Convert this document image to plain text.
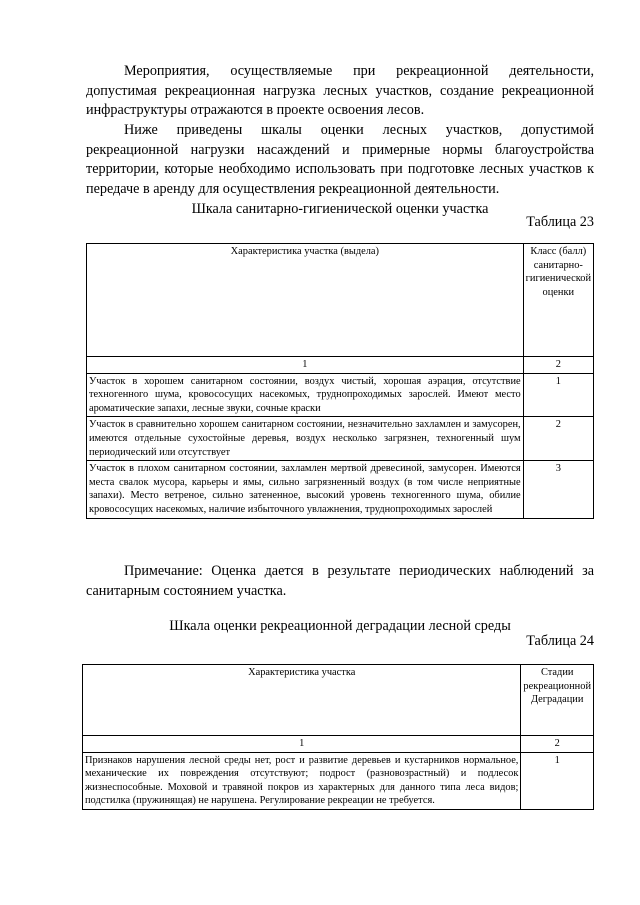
Мероприятия, осуществляемые при рекреационной деятельности, допустимая рекреационная нагрузка лесных участков, создание рекреационной инфраструктуры отражаются в проекте освоения лесов.

Ниже приведены шкалы оценки лесных участков, допустимой рекреационной нагрузки насаждений и примерные нормы благоустройства территории, которые необходимо использовать при подготовке лесных участков к передаче в аренду для осуществления рекреационной деятельности.

Шкала санитарно-гигиенической оценки участка

Таблица 23

Характеристика участка (выдела)	Класс (балл) санитарно-гигиенической оценки
1	2
Участок в хорошем санитарном состоянии, воздух чистый, хорошая аэрация, отсутствие техногенного шума, кровососущих насекомых, труднопроходимых зарослей. Имеют место ароматические запахи, лесные звуки, сочные краски	1
Участок в сравнительно хорошем санитарном состоянии, незначительно захламлен и замусорен, имеются отдельные сухостойные деревья, воздух несколько загрязнен, техногенный шум периодический или отсутствует	2
Участок в плохом санитарном состоянии, захламлен мертвой древесиной, замусорен. Имеются места свалок мусора, карьеры и ямы, сильно загрязненный воздух (в том числе неприятные запахи). Место ветреное, сильно затененное, высокий уровень техногенного шума, обилие кровососущих насекомых, наличие избыточного увлажнения, труднопроходимых зарослей	3

Примечание: Оценка дается в результате периодических наблюдений за санитарным состоянием участка.

Шкала оценки рекреационной деградации лесной среды

Таблица 24

Характеристика участка	Стадии рекреационной Деградации
1	2
Признаков нарушения лесной среды нет, рост и развитие деревьев и кустарников нормальное, механические их повреждения отсутствуют; подрост (разновозрастный) и подлесок жизнеспособные. Моховой и травяной покров из характерных для данного типа леса видов; подстилка (пружинящая) не нарушена. Регулирование рекреации не требуется.	1
